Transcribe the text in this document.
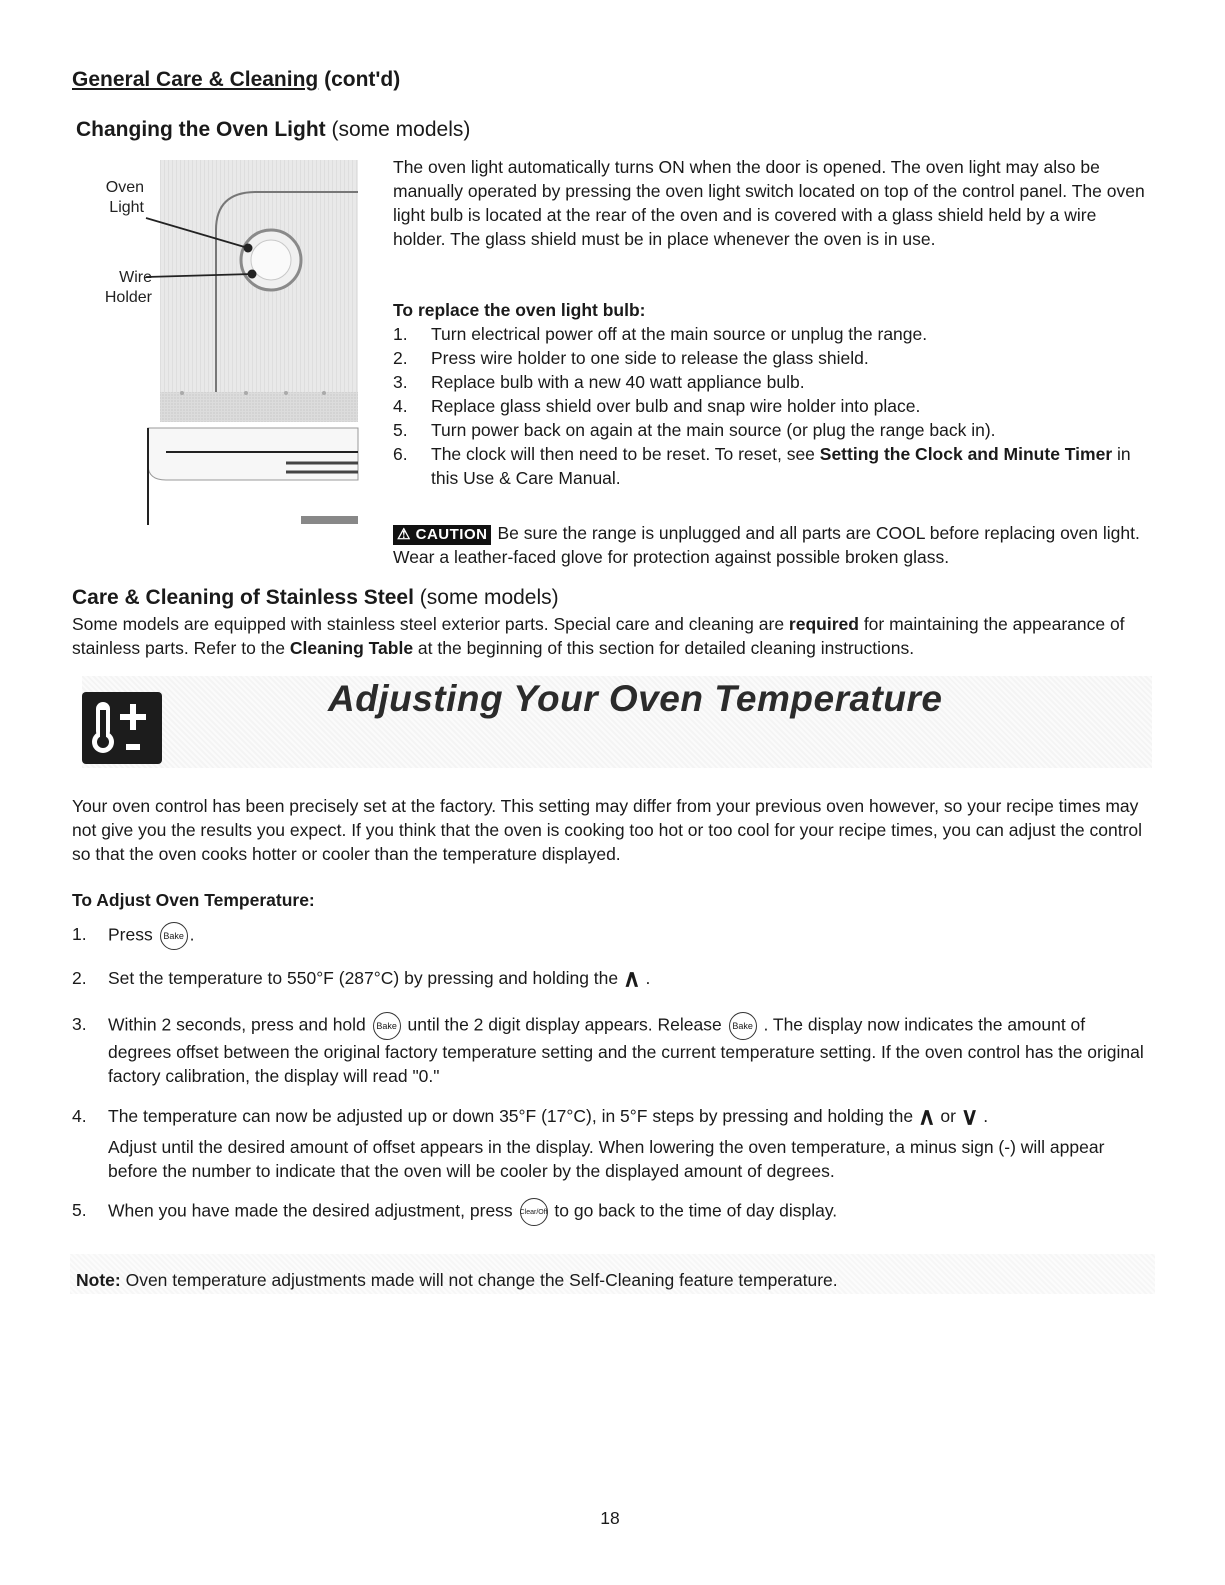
General Care & Cleaning (cont'd)
Changing the Oven Light (some models)
Oven
Light
Wire
Holder
The oven light automatically turns ON when the door is opened. The oven light may also be manually operated by pressing the oven light switch located on top of the control panel. The oven light bulb is located at the rear of the oven and is covered with a glass shield held by a wire holder. The glass shield must be in place whenever the oven is in use.
To replace the oven light bulb:
1. Turn electrical power off at the main source or unplug the range.
2. Press wire holder to one side to release the glass shield.
3. Replace bulb with a new 40 watt appliance bulb.
4. Replace glass shield over bulb and snap wire holder into place.
5. Turn power back on again at the main source (or plug the range back in).
6. The clock will then need to be reset. To reset, see Setting the Clock and Minute Timer in this Use & Care Manual.
⚠ CAUTION Be sure the range is unplugged and all parts are COOL before replacing oven light. Wear a leather-faced glove for protection against possible broken glass.
Care & Cleaning of Stainless Steel (some models)
Some models are equipped with stainless steel exterior parts. Special care and cleaning are required for maintaining the appearance of stainless parts. Refer to the Cleaning Table at the beginning of this section for detailed cleaning instructions.
Adjusting Your Oven Temperature
Your oven control has been precisely set at the factory. This setting may differ from your previous oven however, so your recipe times may not give you the results you expect. If you think that the oven is cooking too hot or too cool for your recipe times, you can adjust the control so that the oven cooks hotter or cooler than the temperature displayed.
To Adjust Oven Temperature:
1. Press Bake .
2. Set the temperature to 550°F (287°C) by pressing and holding the ∧ .
3. Within 2 seconds, press and hold Bake until the 2 digit display appears. Release Bake . The display now indicates the amount of degrees offset between the original factory temperature setting and the current temperature setting. If the oven control has the original factory calibration, the display will read "0."
4. The temperature can now be adjusted up or down 35°F (17°C), in 5°F steps by pressing and holding the ∧ or ∨ .
Adjust until the desired amount of offset appears in the display. When lowering the oven temperature, a minus sign (-) will appear before the number to indicate that the oven will be cooler by the displayed amount of degrees.
5. When you have made the desired adjustment, press Clear/Off to go back to the time of day display.
Note: Oven temperature adjustments made will not change the Self-Cleaning feature temperature.
18
